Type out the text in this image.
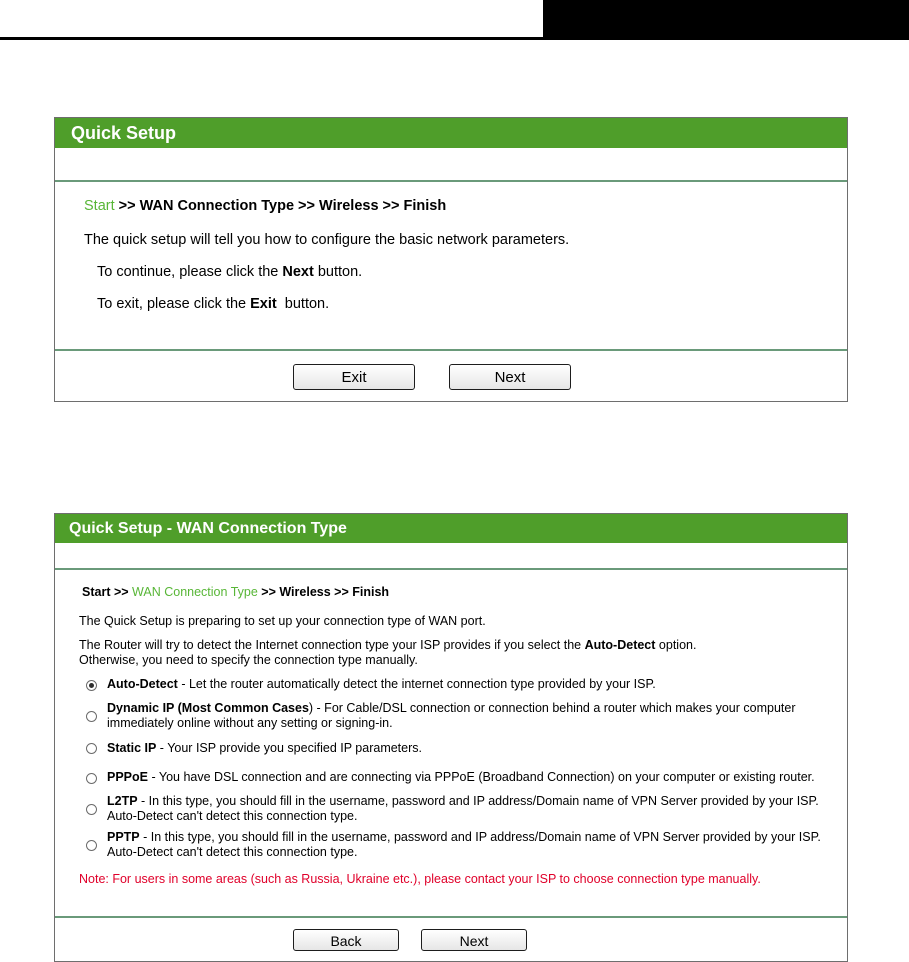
Quick Setup
Start >> WAN Connection Type >> Wireless >> Finish
The quick setup will tell you how to configure the basic network parameters.
To continue, please click the Next button.
To exit, please click the Exit  button.
Exit	Next
Quick Setup - WAN Connection Type
Start >> WAN Connection Type >> Wireless >> Finish
The Quick Setup is preparing to set up your connection type of WAN port.
The Router will try to detect the Internet connection type your ISP provides if you select the Auto-Detect option.
Otherwise, you need to specify the connection type manually.
Auto-Detect - Let the router automatically detect the internet connection type provided by your ISP.
Dynamic IP (Most Common Cases) - For Cable/DSL connection or connection behind a router which makes your computer
immediately online without any setting or signing-in.
Static IP - Your ISP provide you specified IP parameters.
PPPoE - You have DSL connection and are connecting via PPPoE (Broadband Connection) on your computer or existing router.
L2TP - In this type, you should fill in the username, password and IP address/Domain name of VPN Server provided by your ISP.
Auto-Detect can't detect this connection type.
PPTP - In this type, you should fill in the username, password and IP address/Domain name of VPN Server provided by your ISP.
Auto-Detect can't detect this connection type.
Note: For users in some areas (such as Russia, Ukraine etc.), please contact your ISP to choose connection type manually.
Back	Next
